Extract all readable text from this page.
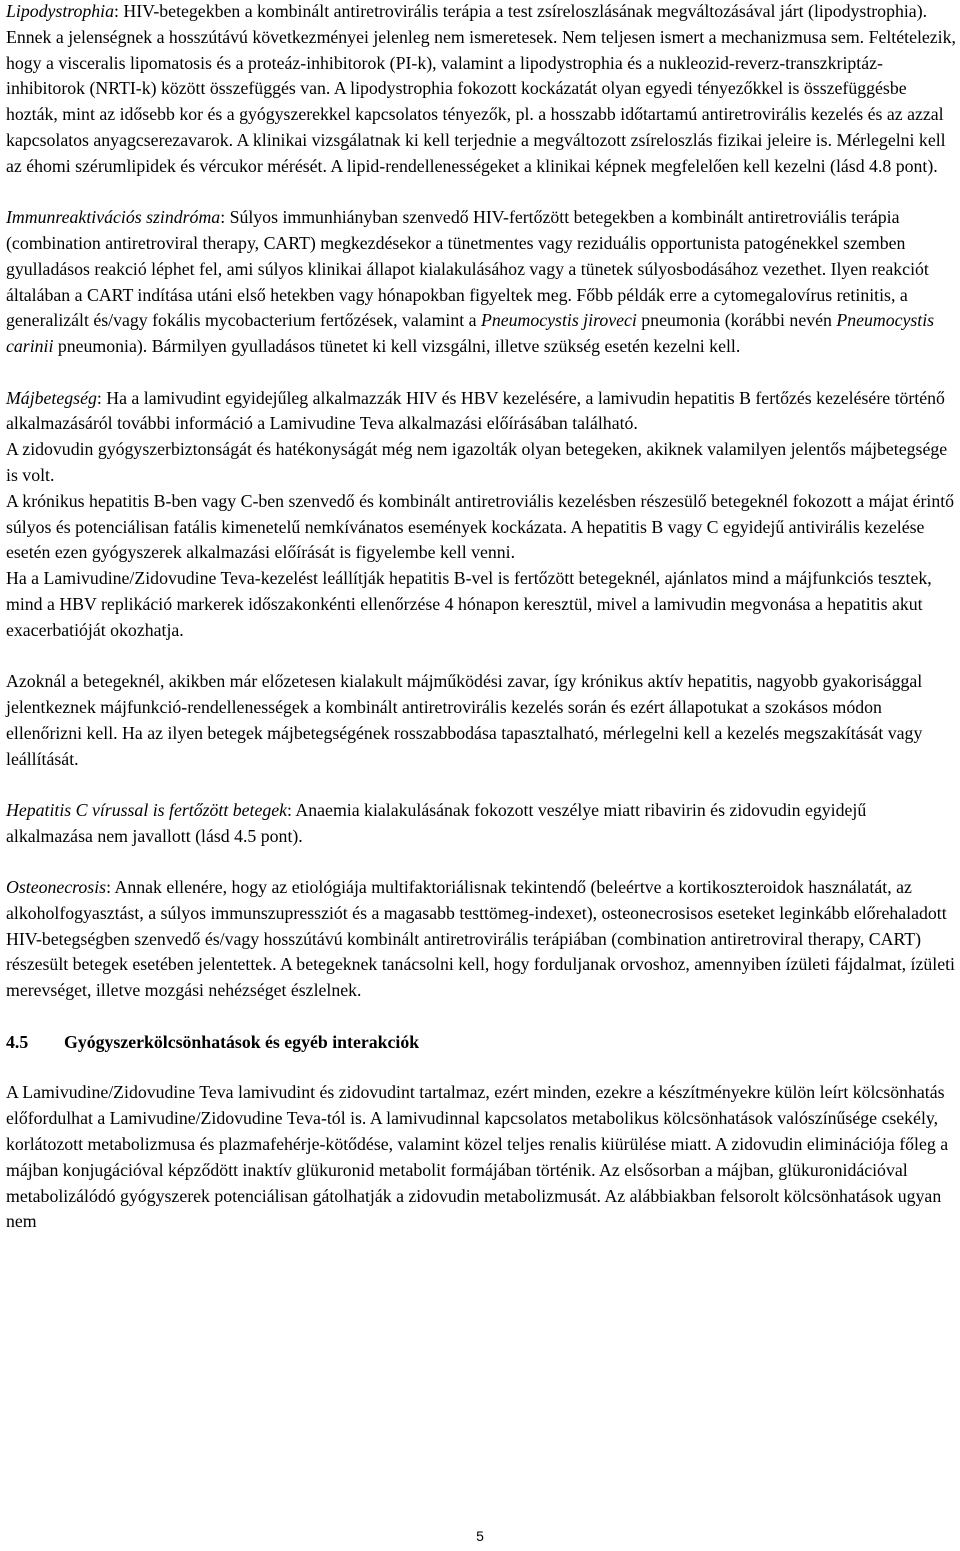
Lipodystrophia: HIV-betegekben a kombinált antiretrovirális terápia a test zsíreloszlásának megváltozásával járt (lipodystrophia). Ennek a jelenségnek a hosszútávú következményei jelenleg nem ismeretesek. Nem teljesen ismert a mechanizmusa sem. Feltételezik, hogy a visceralis lipomatosis és a proteáz-inhibitorok (PI-k), valamint a lipodystrophia és a nukleozid-reverz-transzkriptáz-inhibitorok (NRTI-k) között összefüggés van. A lipodystrophia fokozott kockázatát olyan egyedi tényezőkkel is összefüggésbe hozták, mint az idősebb kor és a gyógyszerekkel kapcsolatos tényezők, pl. a hosszabb időtartamú antiretrovirális kezelés és az azzal kapcsolatos anyagcserezavarok. A klinikai vizsgálatnak ki kell terjednie a megváltozott zsíreloszlás fizikai jeleire is. Mérlegelni kell az éhomi szérumlipidek és vércukor mérését. A lipid-rendellenességeket a klinikai képnek megfelelően kell kezelni (lásd 4.8 pont).

Immunreaktivációs szindróma: Súlyos immunhiányban szenvedő HIV-fertőzött betegekben a kombinált antiretroviális terápia (combination antiretroviral therapy, CART) megkezdésekor a tünetmentes vagy reziduális opportunista patogénekkel szemben gyulladásos reakció léphet fel, ami súlyos klinikai állapot kialakulásához vagy a tünetek súlyosbodásához vezethet. Ilyen reakciót általában a CART indítása utáni első hetekben vagy hónapokban figyeltek meg. Főbb példák erre a cytomegalovírus retinitis, a generalizált és/vagy fokális mycobacterium fertőzések, valamint a Pneumocystis jiroveci pneumonia (korábbi nevén Pneumocystis carinii pneumonia). Bármilyen gyulladásos tünetet ki kell vizsgálni, illetve szükség esetén kezelni kell.

Májbetegség: Ha a lamivudint egyidejűleg alkalmazzák HIV és HBV kezelésére, a lamivudin hepatitis B fertőzés kezelésére történő alkalmazásáról további információ a Lamivudine Teva alkalmazási előírásában található.

A zidovudin gyógyszerbiztonságát és hatékonyságát még nem igazolták olyan betegeken, akiknek valamilyen jelentős májbetegsége is volt.

A krónikus hepatitis B-ben vagy C-ben szenvedő és kombinált antiretroviális kezelésben részesülő betegeknél fokozott a májat érintő súlyos és potenciálisan fatális kimenetelű nemkívánatos események kockázata. A hepatitis B vagy C egyidejű antivirális kezelése esetén ezen gyógyszerek alkalmazási előírását is figyelembe kell venni.

Ha a Lamivudine/Zidovudine Teva-kezelést leállítják hepatitis B-vel is fertőzött betegeknél, ajánlatos mind a májfunkciós tesztek, mind a HBV replikáció markerek időszakonkénti ellenőrzése 4 hónapon keresztül, mivel a lamivudin megvonása a hepatitis akut exacerbatióját okozhatja.

Azoknál a betegeknél, akikben már előzetesen kialakult májműködési zavar, így krónikus aktív hepatitis, nagyobb gyakorisággal jelentkeznek májfunkció-rendellenességek a kombinált antiretrovirális kezelés során és ezért állapotukat a szokásos módon ellenőrizni kell. Ha az ilyen betegek májbetegségének rosszabbodása tapasztalható, mérlegelni kell a kezelés megszakítását vagy leállítását.

Hepatitis C vírussal is fertőzött betegek: Anaemia kialakulásának fokozott veszélye miatt ribavirin és zidovudin egyidejű alkalmazása nem javallott (lásd 4.5 pont).

Osteonecrosis: Annak ellenére, hogy az etiológiája multifaktoriálisnak tekintendő (beleértve a kortikoszteroidok használatát, az alkoholfogyasztást, a súlyos immunszupressziót és a magasabb testtömeg-indexet), osteonecrosisos eseteket leginkább előrehaladott HIV-betegségben szenvedő és/vagy hosszútávú kombinált antiretrovirális terápiában (combination antiretroviral therapy, CART) részesült betegek esetében jelentettek. A betegeknek tanácsolni kell, hogy forduljanak orvoshoz, amennyiben ízületi fájdalmat, ízületi merevséget, illetve mozgási nehézséget észlelnek.

4.5	Gyógyszerkölcsönhatások és egyéb interakciók

A Lamivudine/Zidovudine Teva lamivudint és zidovudint tartalmaz, ezért minden, ezekre a készítményekre külön leírt kölcsönhatás előfordulhat a Lamivudine/Zidovudine Teva-tól is. A lamivudinnal kapcsolatos metabolikus kölcsönhatások valószínűsége csekély, korlátozott metabolizmusa és plazmafehérje-kötődése, valamint közel teljes renalis kiürülése miatt. A zidovudin eliminációja főleg a májban konjugációval képződött inaktív glükuronid metabolit formájában történik. Az elsősorban a májban, glükuronidációval metabolizálódó gyógyszerek potenciálisan gátolhatják a zidovudin metabolizmusát. Az alábbiakban felsorolt kölcsönhatások ugyan nem

5
